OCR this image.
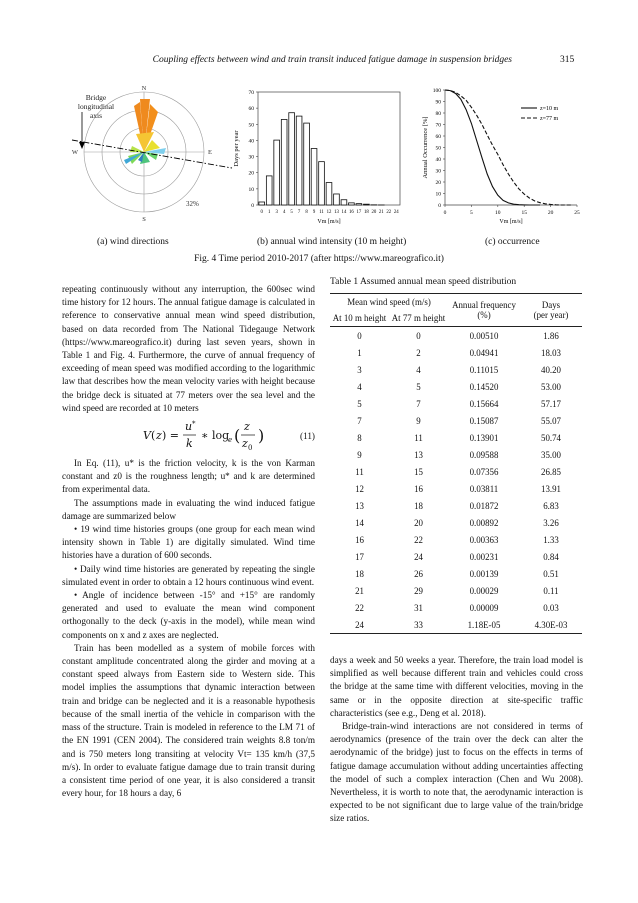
Coupling effects between wind and train transit induced fatigue damage in suspension bridges	315
Bridge
longitudinal
axis
N
E
S
W
32%	0
10
20
30
40
50
60
70
0 1 3 4 5 7 8 9 11 12 13 14 16 17 18 20 21 22 24
Vm [m/s]
Days per year
0
10
20
30
40
50
60
70
80
90
100
0	5	10	15	20	25
z=10 m
z=77 m
Vm [m/s]
Annual Occurrence [%]
(a) wind directions	(b) annual wind intensity (10 m height)	(c) occurrence
Fig. 4 Time period 2010-2017 (after https://www.mareografico.it)

repeating continuously without any interruption, the 600sec wind time history for 12 hours. The annual fatigue damage is calculated in reference to conservative annual mean wind speed distribution, based on data recorded from The National Tidegauge Network (https://www.mareografico.it) during last seven years, shown in Table 1 and Fig. 4. Furthermore, the curve of annual frequency of exceeding of mean speed was modified according to the logarithmic law that describes how the mean velocity varies with height because the bridge deck is situated at 77 meters over the sea level and the wind speed are recorded at 10 meters

V ( z ) =
u *
k
∗ log
e ( z
z 0
)	(11)

In Eq. (11), u* is the friction velocity, k is the von Karman constant and z0 is the roughness length; u* and k are determined from experimental data.

The assumptions made in evaluating the wind induced fatigue damage are summarized below

• 19 wind time histories groups (one group for each mean wind intensity shown in Table 1) are digitally simulated. Wind time histories have a duration of 600 seconds.

• Daily wind time histories are generated by repeating the single simulated event in order to obtain a 12 hours continuous wind event.

• Angle of incidence between -15° and +15° are randomly generated and used to evaluate the mean wind component orthogonally to the deck (y-axis in the model), while mean wind components on x and z axes are neglected.

Train has been modelled as a system of mobile forces with constant amplitude concentrated along the girder and moving at a constant speed always from Eastern side to Western side. This model implies the assumptions that dynamic interaction between train and bridge can be neglected and it is a reasonable hypothesis because of the small inertia of the vehicle in comparison with the mass of the structure. Train is modeled in reference to the LM 71 of the EN 1991 (CEN 2004). The considered train weights 8.8 ton/m and is 750 meters long transiting at velocity Vt= 135 km/h (37,5 m/s). In order to evaluate fatigue damage due to train transit during a consistent time period of one year, it is also considered a transit every hour, for 18 hours a day, 6

Table 1 Assumed annual mean speed distribution
Mean wind speed (m/s)		Annual frequency
(%)	Days
(per year)
At 10 m height	At 77 m height		
0	0	0.00510	1.86
1	2	0.04941	18.03
3	4	0.11015	40.20
4	5	0.14520	53.00
5	7	0.15664	57.17
7	9	0.15087	55.07
8	11	0.13901	50.74
9	13	0.09588	35.00
11	15	0.07356	26.85
12	16	0.03811	13.91
13	18	0.01872	6.83
14	20	0.00892	3.26
16	22	0.00363	1.33
17	24	0.00231	0.84
18	26	0.00139	0.51
21	29	0.00029	0.11
22	31	0.00009	0.03
24	33	1.18E-05	4.30E-03

days a week and 50 weeks a year. Therefore, the train load model is simplified as well because different train and vehicles could cross the bridge at the same time with different velocities, moving in the same or in the opposite direction at site-specific traffic characteristics (see e.g., Deng et al. 2018).

Bridge-train-wind interactions are not considered in terms of aerodynamics (presence of the train over the deck can alter the aerodynamic of the bridge) just to focus on the effects in terms of fatigue damage accumulation without adding uncertainties affecting the model of such a complex interaction (Chen and Wu 2008). Nevertheless, it is worth to note that, the aerodynamic interaction is expected to be not significant due to large value of the train/bridge size ratios.
